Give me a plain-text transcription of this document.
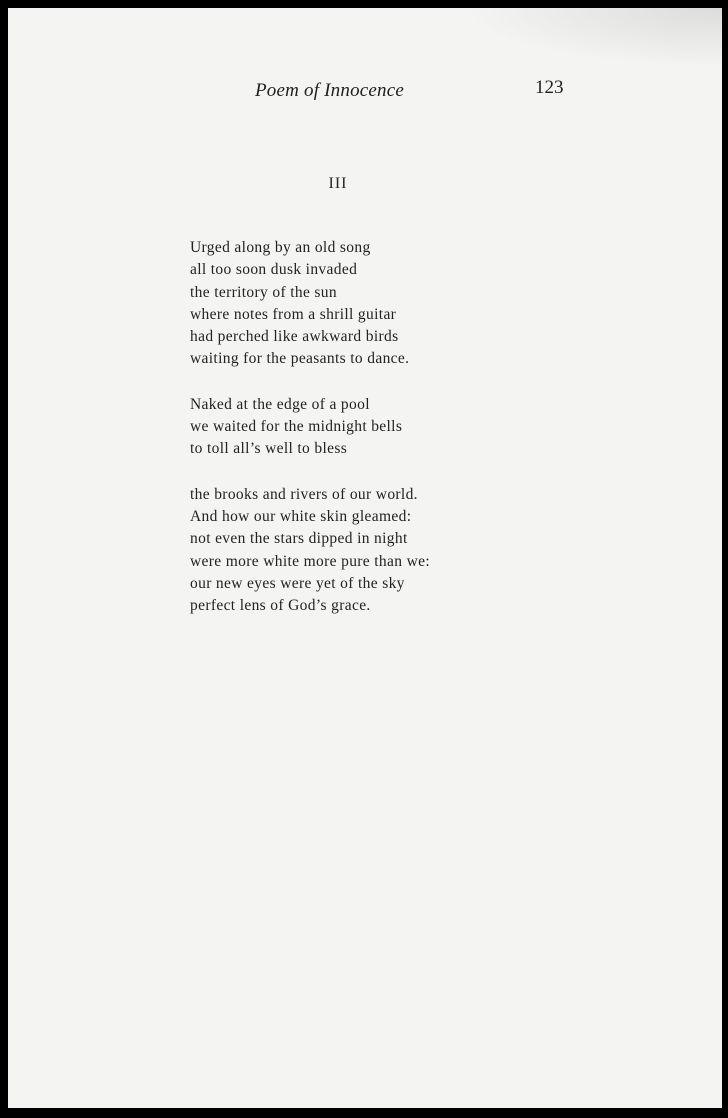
Poem of Innocence	123
III
Urged along by an old song
all too soon dusk invaded
the territory of the sun
where notes from a shrill guitar
had perched like awkward birds
waiting for the peasants to dance.
Naked at the edge of a pool
we waited for the midnight bells
to toll all’s well to bless
the brooks and rivers of our world.
And how our white skin gleamed:
not even the stars dipped in night
were more white more pure than we:
our new eyes were yet of the sky
perfect lens of God’s grace.
